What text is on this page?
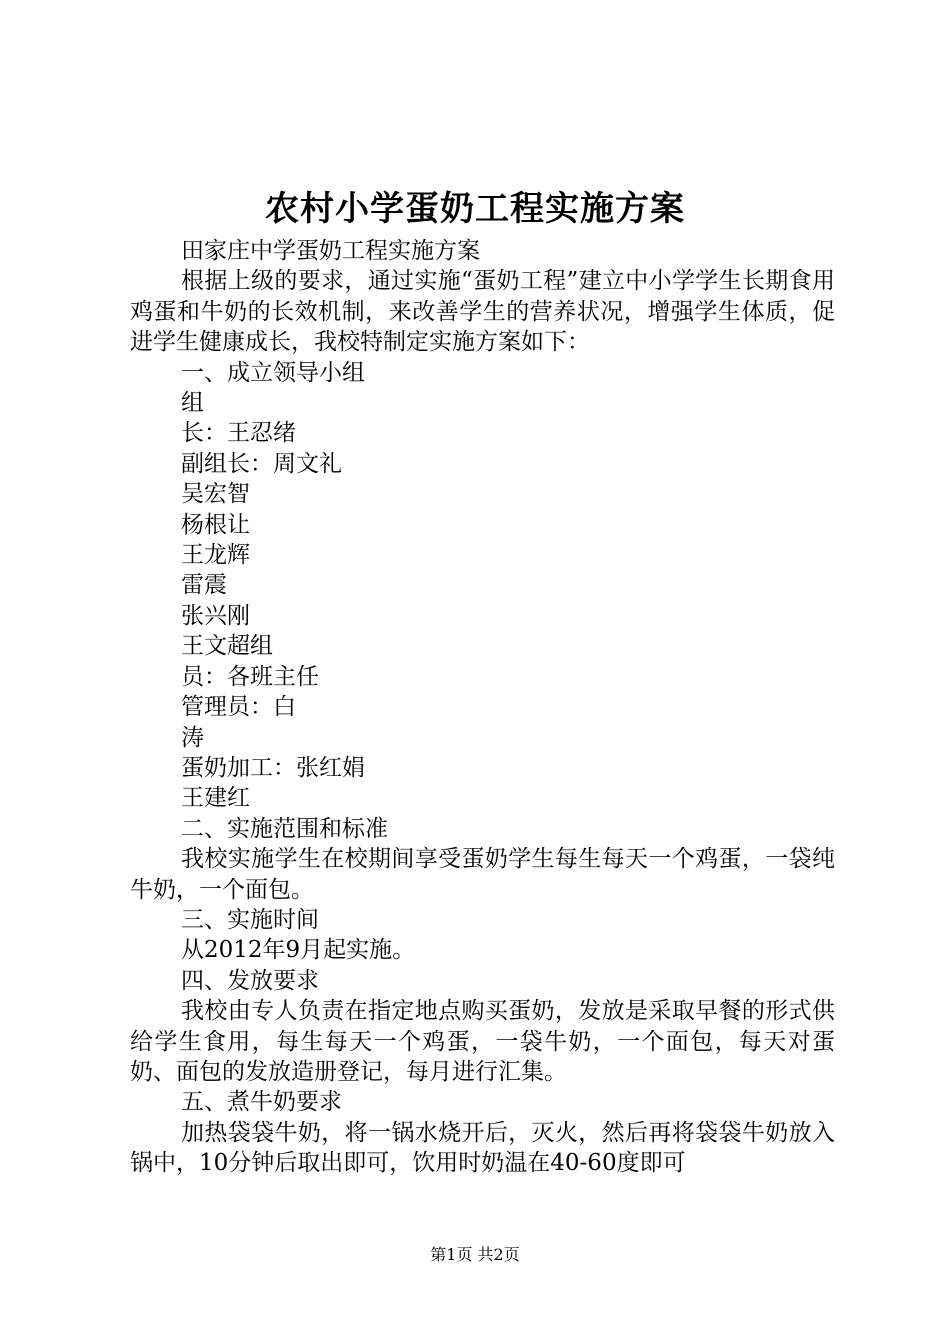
农村小学蛋奶工程实施方案

田家庄中学蛋奶工程实施方案

根据上级的要求，通过实施“蛋奶工程”建立中小学学生长期食用鸡蛋和牛奶的长效机制，来改善学生的营养状况，增强学生体质，促进学生健康成长，我校特制定实施方案如下：

一、成立领导小组

组

长：王忍绪

副组长：周文礼

吴宏智

杨根让

王龙辉

雷震

张兴刚

王文超组

员：各班主任

管理员：白

涛

蛋奶加工：张红娟

王建红

二、实施范围和标准

我校实施学生在校期间享受蛋奶学生每生每天一个鸡蛋，一袋纯牛奶，一个面包。

三、实施时间

从2012年9月起实施。

四、发放要求

我校由专人负责在指定地点购买蛋奶，发放是采取早餐的形式供给学生食用，每生每天一个鸡蛋，一袋牛奶，一个面包，每天对蛋奶、面包的发放造册登记，每月进行汇集。

五、煮牛奶要求

加热袋袋牛奶，将一锅水烧开后，灭火，然后再将袋袋牛奶放入锅中，10分钟后取出即可，饮用时奶温在40-60度即可

第1页 共2页
